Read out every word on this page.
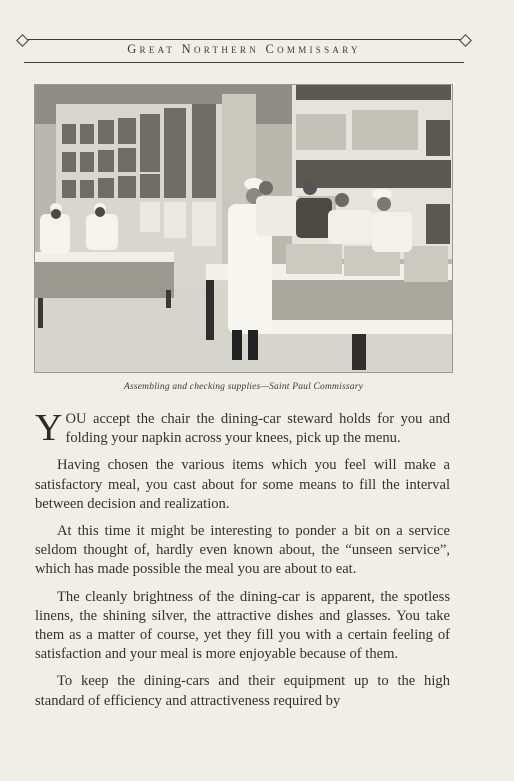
Great Northern Commissary
Assembling and checking supplies—Saint Paul Commissary

YOU accept the chair the dining-car steward holds for you and folding your napkin across your knees, pick up the menu.

Having chosen the various items which you feel will make a satisfactory meal, you cast about for some means to fill the interval between decision and realization.

At this time it might be interesting to ponder a bit on a service seldom thought of, hardly even known about, the “unseen service”, which has made possible the meal you are about to eat.

The cleanly brightness of the dining-car is apparent, the spotless linens, the shining silver, the attractive dishes and glasses. You take them as a matter of course, yet they fill you with a certain feeling of satisfaction and your meal is more enjoyable because of them.

To keep the dining-cars and their equipment up to the high standard of efficiency and attractiveness required by
